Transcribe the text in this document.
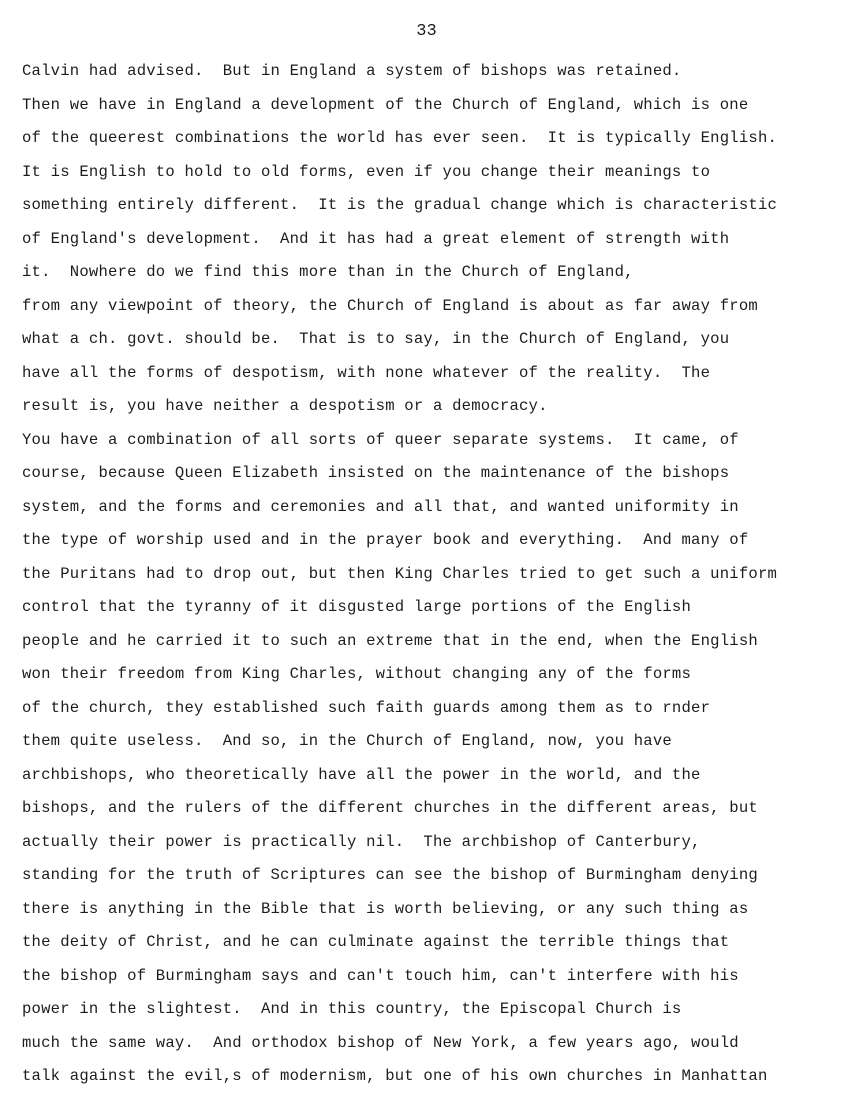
33
Calvin had advised.  But in England a system of bishops was retained.
Then we have in England a development of the Church of England, which is one
of the queerest combinations the world has ever seen.  It is typically English.
It is English to hold to old forms, even if you change their meanings to
something entirely different.  It is the gradual change which is characteristic
of England's development.  And it has had a great element of strength with
it.  Nowhere do we find this more than in the Church of England,
from any viewpoint of theory, the Church of England is about as far away from
what a ch. govt. should be.  That is to say, in the Church of England, you
have all the forms of despotism, with none whatever of the reality.  The
result is, you have neither a despotism or a democracy.
You have a combination of all sorts of queer separate systems.  It came, of
course, because Queen Elizabeth insisted on the maintenance of the bishops
system, and the forms and ceremonies and all that, and wanted uniformity in
the type of worship used and in the prayer book and everything.  And many of
the Puritans had to drop out, but then King Charles tried to get such a uniform
control that the tyranny of it disgusted large portions of the English
people and he carried it to such an extreme that in the end, when the English
won their freedom from King Charles, without changing any of the forms
of the church, they established such faith guards among them as to rnder
them quite useless.  And so, in the Church of England, now, you have
archbishops, who theoretically have all the power in the world, and the
bishops, and the rulers of the different churches in the different areas, but
actually their power is practically nil.  The archbishop of Canterbury,
standing for the truth of Scriptures can see the bishop of Burmingham denying
there is anything in the Bible that is worth believing, or any such thing as
the deity of Christ, and he can culminate against the terrible things that
the bishop of Burmingham says and can't touch him, can't interfere with his
power in the slightest.  And in this country, the Episcopal Church is
much the same way.  And orthodox bishop of New York, a few years ago, would
talk against the evil,s of modernism, but one of his own churches in Manhattan
